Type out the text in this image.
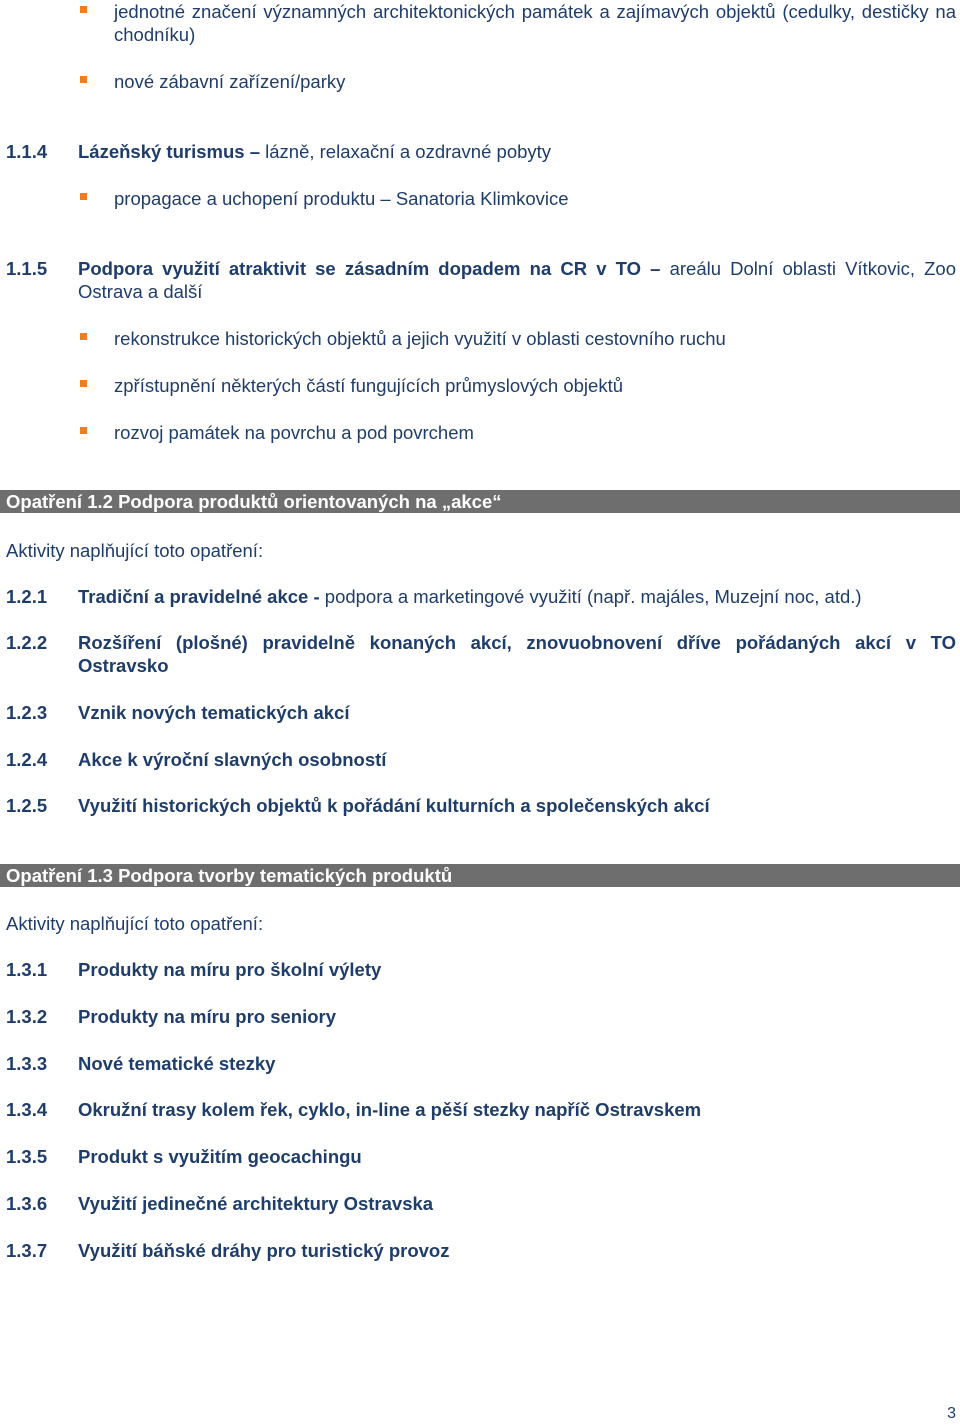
jednotné značení významných architektonických památek a zajímavých objektů (cedulky, destičky na chodníku)
nové zábavní zařízení/parky
1.1.4 Lázeňský turismus – lázně, relaxační a ozdravné pobyty
propagace a uchopení produktu – Sanatoria Klimkovice
1.1.5 Podpora využití atraktivit se zásadním dopadem na CR v TO – areálu Dolní oblasti Vítkovic, Zoo Ostrava a další
rekonstrukce historických objektů a jejich využití v oblasti cestovního ruchu
zpřístupnění některých částí fungujících průmyslových objektů
rozvoj památek na povrchu a pod povrchem
Opatření 1.2 Podpora produktů orientovaných na „akce“
Aktivity naplňující toto opatření:
1.2.1 Tradiční a pravidelné akce - podpora a marketingové využití (např. majáles, Muzejní noc, atd.)
1.2.2 Rozšíření (plošné) pravidelně konaných akcí, znovuobnovení dříve pořádaných akcí v TO Ostravsko
1.2.3 Vznik nových tematických akcí
1.2.4 Akce k výroční slavných osobností
1.2.5 Využití historických objektů k pořádání kulturních a společenských akcí
Opatření 1.3 Podpora tvorby tematických produktů
Aktivity naplňující toto opatření:
1.3.1 Produkty na míru pro školní výlety
1.3.2 Produkty na míru pro seniory
1.3.3 Nové tematické stezky
1.3.4 Okružní trasy kolem řek, cyklo, in-line a pěší stezky napříč Ostravskem
1.3.5 Produkt s využitím geocachingu
1.3.6 Využití jedinečné architektury Ostravska
1.3.7 Využití báňské dráhy pro turistický provoz
3
